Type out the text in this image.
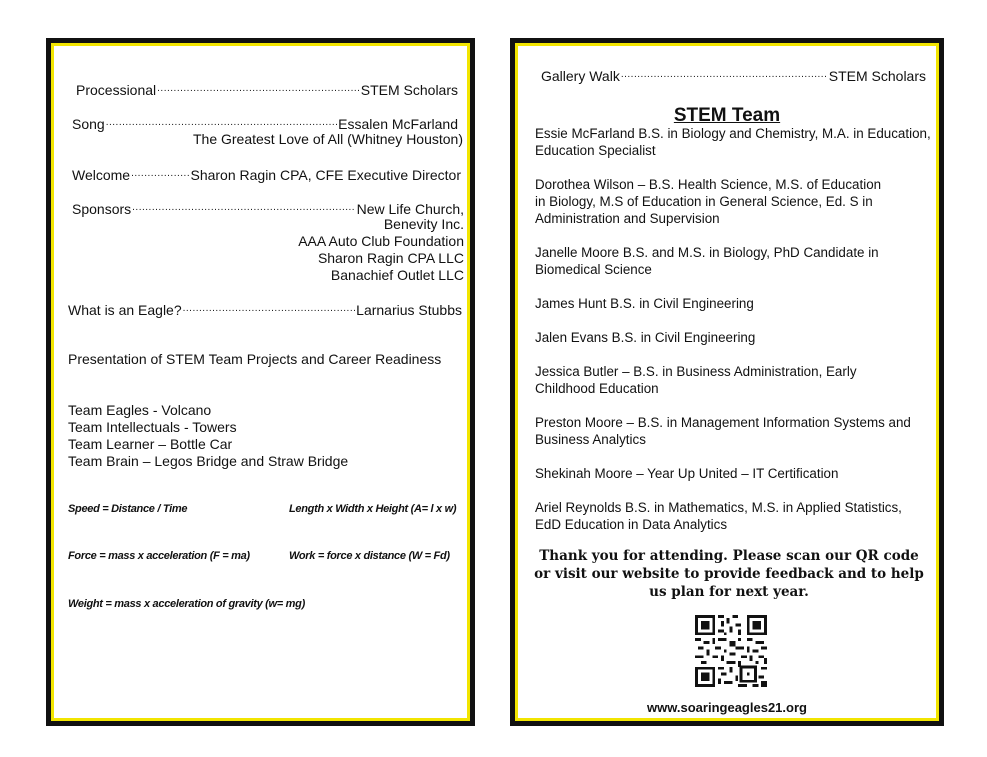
Processional .....	STEM Scholars
Song .....	Essalen McFarland
The Greatest Love of All (Whitney Houston)
Welcome .....	Sharon Ragin CPA, CFE Executive Director
Sponsors .....	New Life Church,
Benevity Inc.
AAA Auto Club Foundation
Sharon Ragin CPA LLC
Banachief Outlet LLC
What is an Eagle? .....	Larnarius Stubbs
Presentation of STEM Team Projects and Career Readiness
Team Eagles - Volcano
Team Intellectuals - Towers
Team Learner – Bottle Car
Team Brain – Legos Bridge and Straw Bridge
Speed = Distance / Time	Length x Width x Height (A= l x w)
Force = mass x acceleration (F = ma)	Work = force x distance (W = Fd)
Weight = mass x acceleration of gravity (w= mg)
Gallery Walk .....	STEM Scholars
STEM Team
Essie McFarland B.S. in Biology and Chemistry, M.A. in Education, Education Specialist
Dorothea Wilson – B.S. Health Science, M.S. of Education in Biology, M.S of Education in General Science, Ed. S in Administration and Supervision
Janelle Moore B.S. and M.S. in Biology, PhD Candidate in Biomedical Science
James Hunt B.S. in Civil Engineering
Jalen Evans B.S. in Civil Engineering
Jessica Butler – B.S. in Business Administration, Early Childhood Education
Preston Moore – B.S. in Management Information Systems and Business Analytics
Shekinah Moore – Year Up United – IT Certification
Ariel Reynolds B.S. in Mathematics, M.S. in Applied Statistics, EdD Education in Data Analytics
Thank you for attending. Please scan our QR code or visit our website to provide feedback and to help us plan for next year.
www.soaringeagles21.org
